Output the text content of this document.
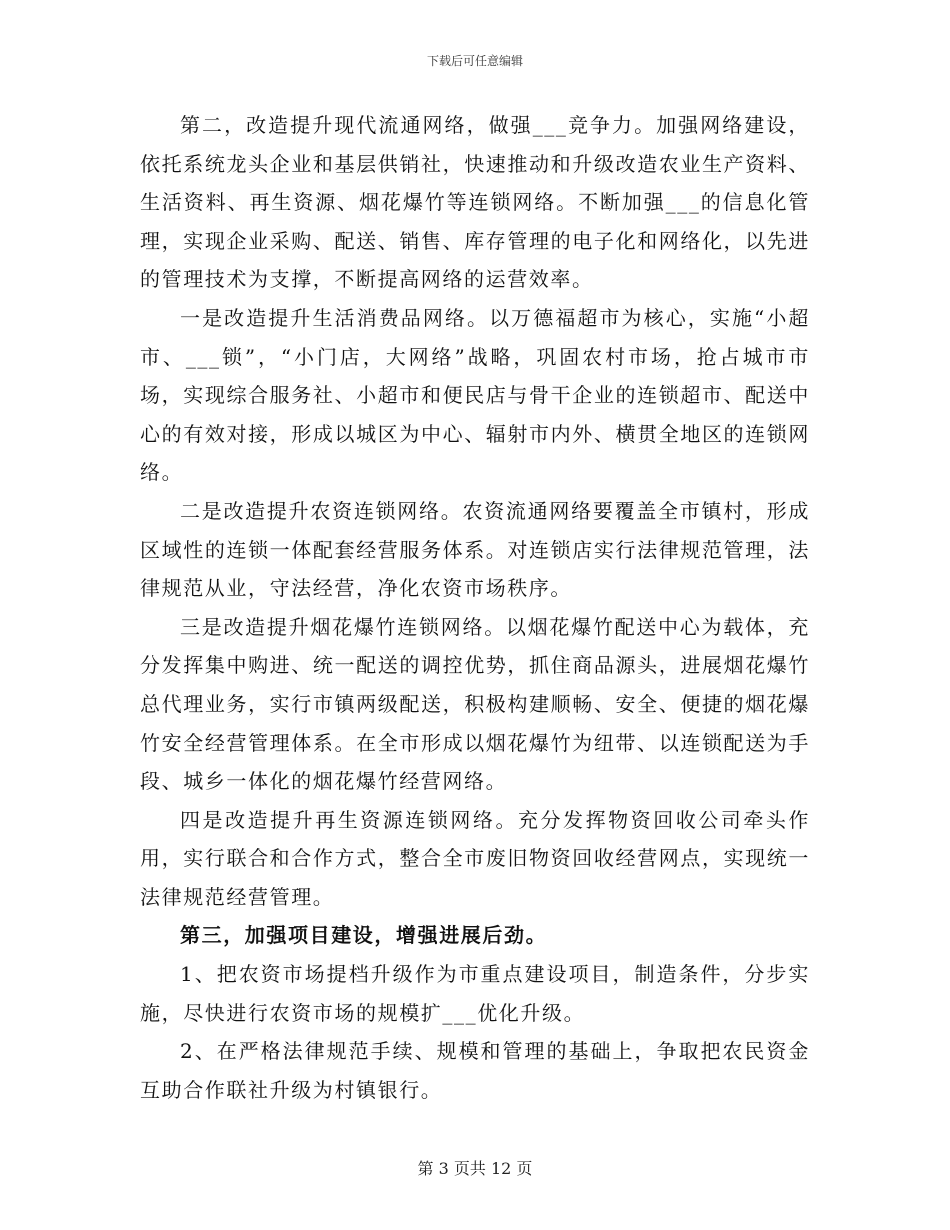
下载后可任意编辑

第二，改造提升现代流通网络，做强___竞争力。加强网络建设，依托系统龙头企业和基层供销社，快速推动和升级改造农业生产资料、生活资料、再生资源、烟花爆竹等连锁网络。不断加强___的信息化管理，实现企业采购、配送、销售、库存管理的电子化和网络化，以先进的管理技术为支撑，不断提高网络的运营效率。

一是改造提升生活消费品网络。以万德福超市为核心，实施“小超市、___锁”，“小门店，大网络”战略，巩固农村市场，抢占城市市场，实现综合服务社、小超市和便民店与骨干企业的连锁超市、配送中心的有效对接，形成以城区为中心、辐射市内外、横贯全地区的连锁网络。

二是改造提升农资连锁网络。农资流通网络要覆盖全市镇村，形成区域性的连锁一体配套经营服务体系。对连锁店实行法律规范管理，法律规范从业，守法经营，净化农资市场秩序。

三是改造提升烟花爆竹连锁网络。以烟花爆竹配送中心为载体，充分发挥集中购进、统一配送的调控优势，抓住商品源头，进展烟花爆竹总代理业务，实行市镇两级配送，积极构建顺畅、安全、便捷的烟花爆竹安全经营管理体系。在全市形成以烟花爆竹为纽带、以连锁配送为手段、城乡一体化的烟花爆竹经营网络。

四是改造提升再生资源连锁网络。充分发挥物资回收公司牵头作用，实行联合和合作方式，整合全市废旧物资回收经营网点，实现统一法律规范经营管理。

第三，加强项目建设，增强进展后劲。

1、把农资市场提档升级作为市重点建设项目，制造条件，分步实施，尽快进行农资市场的规模扩___优化升级。

2、在严格法律规范手续、规模和管理的基础上，争取把农民资金互助合作联社升级为村镇银行。

第 3 页共 12 页
